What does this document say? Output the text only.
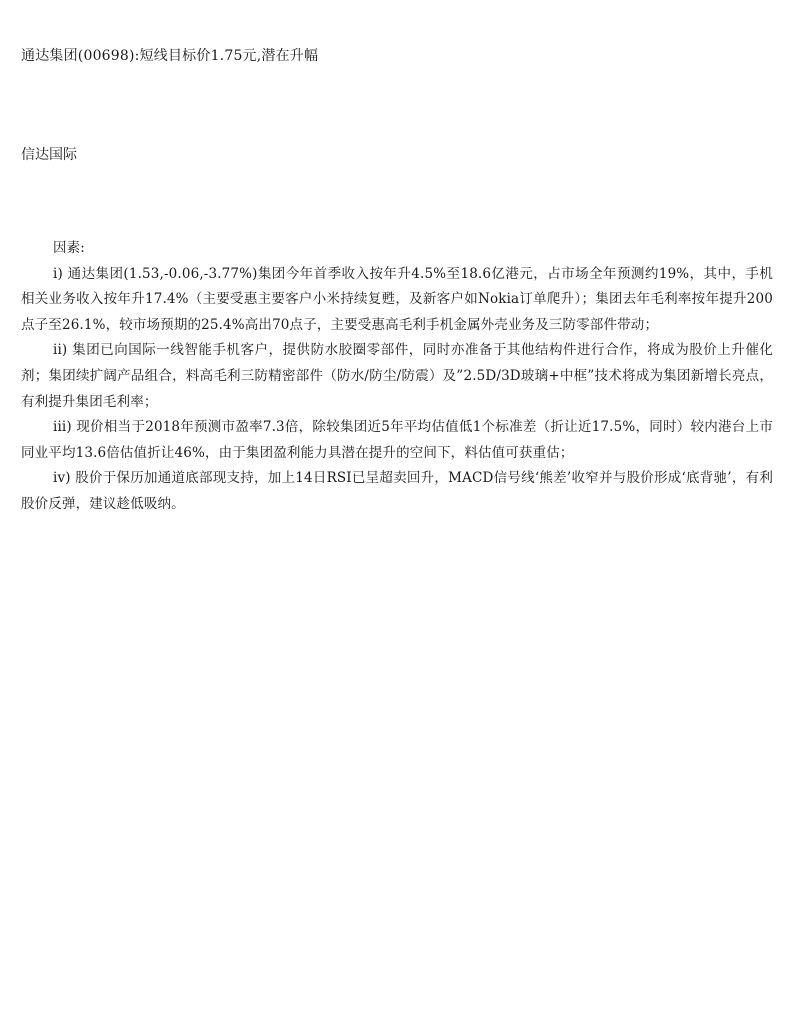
通达集团(00698):短线目标价1.75元,潜在升幅
信达国际

因素:

i) 通达集团(1.53,-0.06,-3.77%)集团今年首季收入按年升4.5%至18.6亿港元，占市场全年预测约19%，其中，手机相关业务收入按年升17.4%（主要受惠主要客户小米持续复甦，及新客户如Nokia订单爬升）；集团去年毛利率按年提升200点子至26.1%，较市场预期的25.4%高出70点子，主要受惠高毛利手机金属外壳业务及三防零部件带动；

ii) 集团已向国际一线智能手机客户，提供防水胶圈零部件，同时亦准备于其他结构件进行合作，将成为股价上升催化剂；集团续扩阔产品组合，料高毛利三防精密部件（防水/防尘/防震）及”2.5D/3D玻璃+中框”技术将成为集团新增长亮点，有利提升集团毛利率；

iii) 现价相当于2018年预测市盈率7.3倍，除较集团近5年平均估值低1个标准差（折让近17.5%，同时）较内港台上市同业平均13.6倍估值折让46%，由于集团盈利能力具潜在提升的空间下，料估值可获重估；

iv) 股价于保历加通道底部现支持，加上14日RSI已呈超卖回升，MACD信号线‘熊差’收窄并与股价形成‘底背驰’，有利股价反弹，建议趁低吸纳。
